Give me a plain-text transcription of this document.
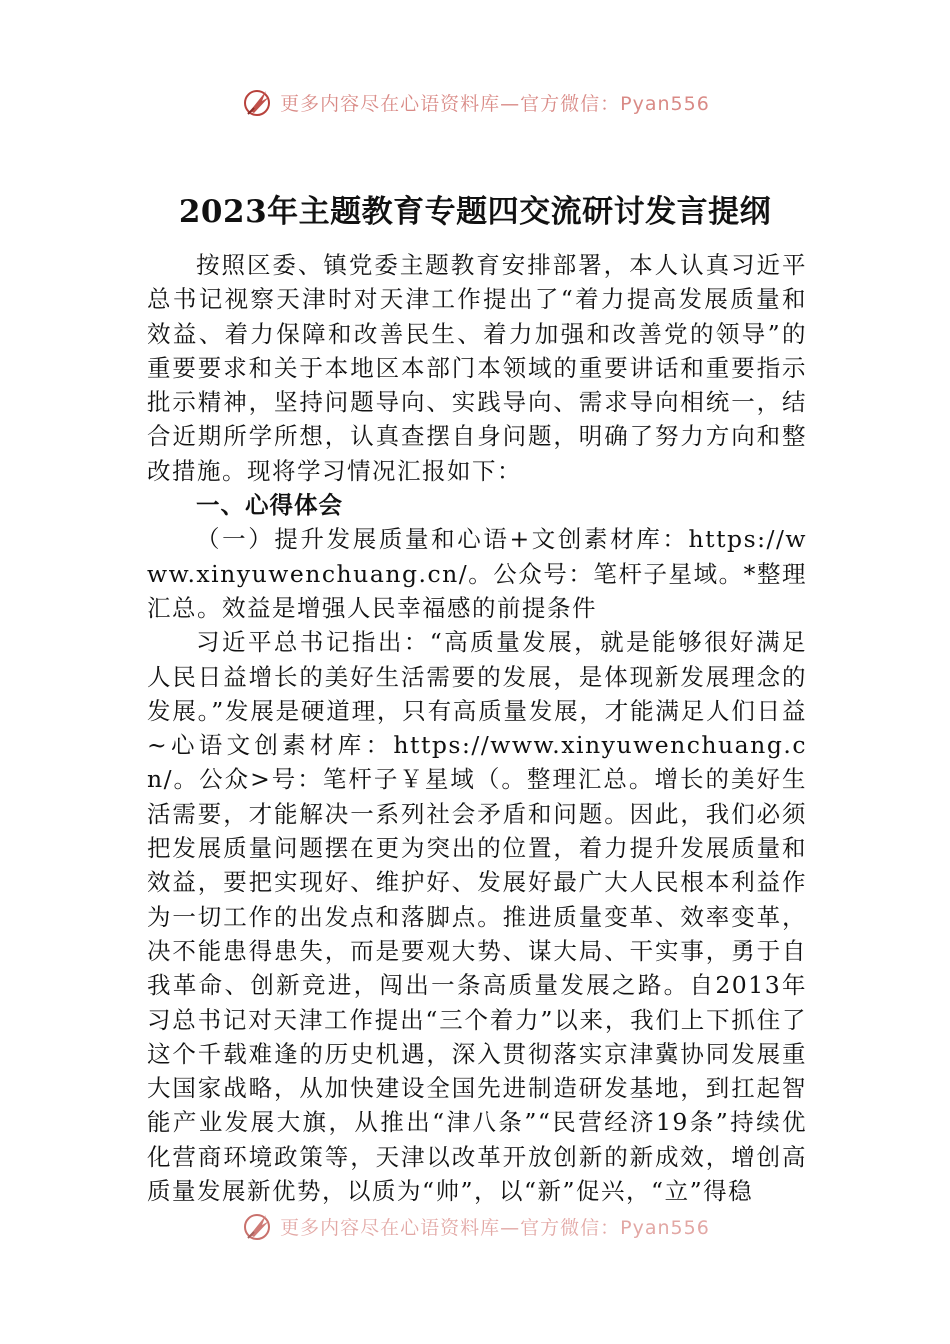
更多内容尽在心语资料库—官方微信：Pyan556
2023年主题教育专题四交流研讨发言提纲

按照区委、镇党委主题教育安排部署，本人认真习近平总书记视察天津时对天津工作提出了“着力提高发展质量和效益、着力保障和改善民生、着力加强和改善党的领导”的重要要求和关于本地区本部门本领域的重要讲话和重要指示批示精神，坚持问题导向、实践导向、需求导向相统一，结合近期所学所想，认真查摆自身问题，明确了努力方向和整改措施。现将学习情况汇报如下：

一、心得体会

（一）提升发展质量和心语+文创素材库：https://www.xinyuwenchuang.cn/。公众号：笔杆子星域。*整理汇总。效益是增强人民幸福感的前提条件

习近平总书记指出：“高质量发展，就是能够很好满足人民日益增长的美好生活需要的发展，是体现新发展理念的发展。”发展是硬道理，只有高质量发展，才能满足人们日益~心语文创素材库：https://www.xinyuwenchuang.cn/。公众>号：笔杆子￥星域（。整理汇总。增长的美好生活需要，才能解决一系列社会矛盾和问题。因此，我们必须把发展质量问题摆在更为突出的位置，着力提升发展质量和效益，要把实现好、维护好、发展好最广大人民根本利益作为一切工作的出发点和落脚点。推进质量变革、效率变革，决不能患得患失，而是要观大势、谋大局、干实事，勇于自我革命、创新竞进，闯出一条高质量发展之路。自2013年习总书记对天津工作提出“三个着力”以来，我们上下抓住了这个千载难逢的历史机遇，深入贯彻落实京津冀协同发展重大国家战略，从加快建设全国先进制造研发基地，到扛起智能产业发展大旗，从推出“津八条”“民营经济19条”持续优化营商环境政策等，天津以改革开放创新的新成效，增创高质量发展新优势，以质为“帅”，以“新”促兴，“立”得稳

更多内容尽在心语资料库—官方微信：Pyan556
